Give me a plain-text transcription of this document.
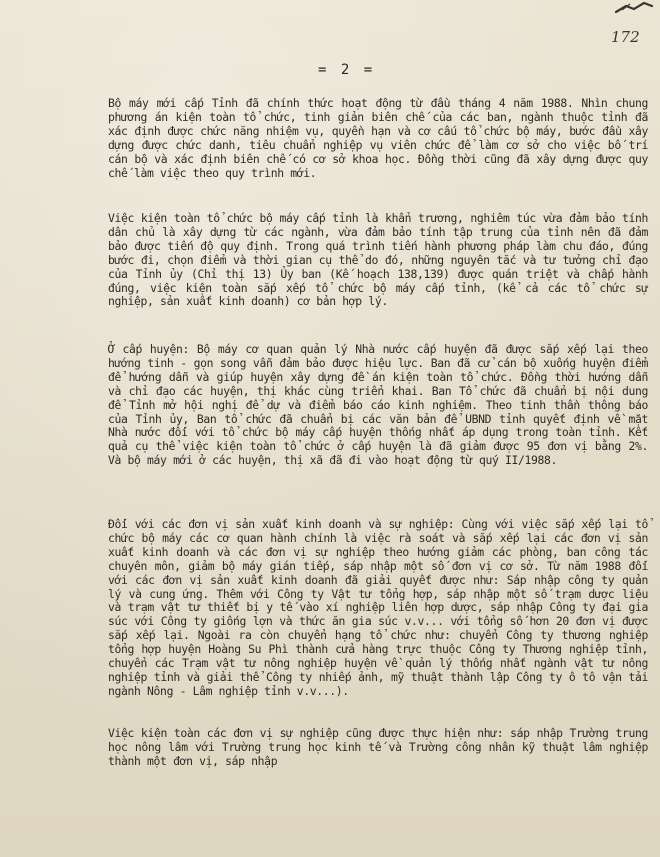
172
= 2 =

Bộ máy mới cấp Tỉnh đã chính thức hoạt động từ đầu tháng 4 năm 1988. Nhìn chung phương án kiện toàn tổ chức, tinh giản biên chế của các ban, ngành thuộc tỉnh đã xác định được chức năng nhiệm vụ, quyền hạn và cơ cấu tổ chức bộ máy, bước đầu xây dựng được chức danh, tiêu chuẩn nghiệp vụ viên chức để làm cơ sở cho việc bố trí cán bộ và xác định biên chế có cơ sở khoa học. Đồng thời cũng đã xây dựng được quy chế làm việc theo quy trình mới.

Việc kiện toàn tổ chức bộ máy cấp tỉnh là khẩn trương, nghiêm túc vừa đảm bảo tính dân chủ là xây dựng từ các ngành, vừa đảm bảo tính tập trung của tỉnh nên đã đảm bảo được tiến độ quy định. Trong quá trình tiến hành phương pháp làm chu đáo, đúng bước đi, chọn điểm và thời gian cụ thể do đó, những nguyên tắc và tư tưởng chỉ đạo của Tỉnh ủy (Chỉ thị 13) Ủy ban (Kế hoạch 138,139) được quán triệt và chấp hành đúng, việc kiện toàn sắp xếp tổ chức bộ máy cấp tỉnh, (kể cả các tổ chức sự nghiệp, sản xuất kinh doanh) cơ bản hợp lý.

Ở cấp huyện: Bộ máy cơ quan quản lý Nhà nước cấp huyện đã được sắp xếp lại theo hướng tinh - gọn song vẫn đảm bảo được hiệu lực. Ban đã cử cán bộ xuống huyện điểm để hướng dẫn và giúp huyện xây dựng đề án kiện toàn tổ chức. Đồng thời hướng dẫn và chỉ đạo các huyện, thị khác cùng triển khai. Ban Tổ chức đã chuẩn bị nội dung để Tỉnh mở hội nghị để dự và điểm báo cáo kinh nghiệm. Theo tinh thần thông báo của Tỉnh ủy, Ban tổ chức đã chuẩn bị các văn bản để UBND tỉnh quyết định về mặt Nhà nước đối với tổ chức bộ máy cấp huyện thống nhất áp dụng trong toàn tỉnh. Kết quả cụ thể việc kiện toàn tổ chức ở cấp huyện là đã giảm được 95 đơn vị bằng 2%. Và bộ máy mới ở các huyện, thị xã đã đi vào hoạt động từ quý II/1988.

Đối với các đơn vị sản xuất kinh doanh và sự nghiệp: Cùng với việc sắp xếp lại tổ chức bộ máy các cơ quan hành chính là việc rà soát và sắp xếp lại các đơn vị sản xuất kinh doanh và các đơn vị sự nghiệp theo hướng giảm các phòng, ban công tác chuyên môn, giảm bộ máy gián tiếp, sáp nhập một số đơn vị cơ sở. Từ năm 1988 đối với các đơn vị sản xuất kinh doanh đã giải quyết được như: Sáp nhập công ty quản lý và cung ứng. Thêm với Công ty Vật tư tổng hợp, sáp nhập một số trạm dược liệu và trạm vật tư thiết bị y tế vào xí nghiệp liên hợp dược, sáp nhập Công ty đại gia súc với Công ty giống lợn và thức ăn gia súc v.v... với tổng số hơn 20 đơn vị được sắp xếp lại. Ngoài ra còn chuyển hạng tổ chức như: chuyển Công ty thương nghiệp tổng hợp huyện Hoàng Su Phì thành cửa hàng trực thuộc Công ty Thương nghiệp tỉnh, chuyển các Trạm vật tư nông nghiệp huyện về quản lý thống nhất ngành vật tư nông nghiệp tỉnh và giải thể Công ty nhiếp ảnh, mỹ thuật thành lập Công ty ô tô vận tải ngành Nông - Lâm nghiệp tỉnh v.v...).

Việc kiện toàn các đơn vị sự nghiệp cũng được thực hiện như: sáp nhập Trường trung học nông lâm với Trường trung học kinh tế và Trường công nhân kỹ thuật lâm nghiệp thành một đơn vị, sáp nhập
